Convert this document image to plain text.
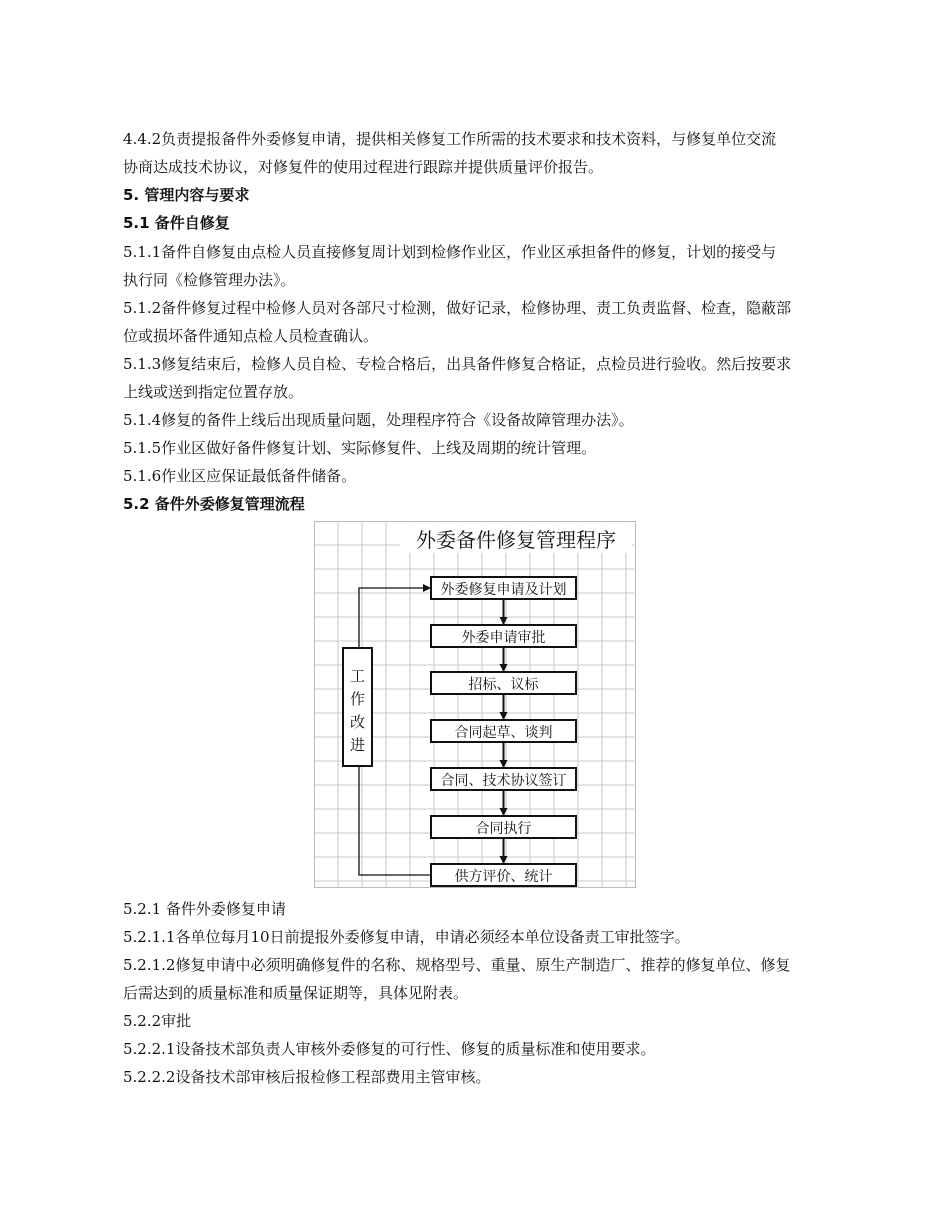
4.4.2负责提报备件外委修复申请，提供相关修复工作所需的技术要求和技术资料，与修复单位交流
协商达成技术协议，对修复件的使用过程进行跟踪并提供质量评价报告。
5. 管理内容与要求
5.1 备件自修复
5.1.1备件自修复由点检人员直接修复周计划到检修作业区，作业区承担备件的修复，计划的接受与
执行同《检修管理办法》。
5.1.2备件修复过程中检修人员对各部尺寸检测，做好记录，检修协理、责工负责监督、检查，隐蔽部
位或损坏备件通知点检人员检查确认。
5.1.3修复结束后，检修人员自检、专检合格后，出具备件修复合格证，点检员进行验收。然后按要求
上线或送到指定位置存放。
5.1.4修复的备件上线后出现质量问题，处理程序符合《设备故障管理办法》。
5.1.5作业区做好备件修复计划、实际修复件、上线及周期的统计管理。
5.1.6作业区应保证最低备件储备。
5.2 备件外委修复管理流程
外委备件修复管理程序
外委修复申请及计划
外委申请审批
招标、议标
合同起草、谈判
合同、技术协议签订
合同执行
供方评价、统计
工
作
改
进
5.2.1 备件外委修复申请
5.2.1.1各单位每月10日前提报外委修复申请，申请必须经本单位设备责工审批签字。
5.2.1.2修复申请中必须明确修复件的名称、规格型号、重量、原生产制造厂、推荐的修复单位、修复
后需达到的质量标准和质量保证期等，具体见附表。
5.2.2审批
5.2.2.1设备技术部负责人审核外委修复的可行性、修复的质量标准和使用要求。
5.2.2.2设备技术部审核后报检修工程部费用主管审核。
